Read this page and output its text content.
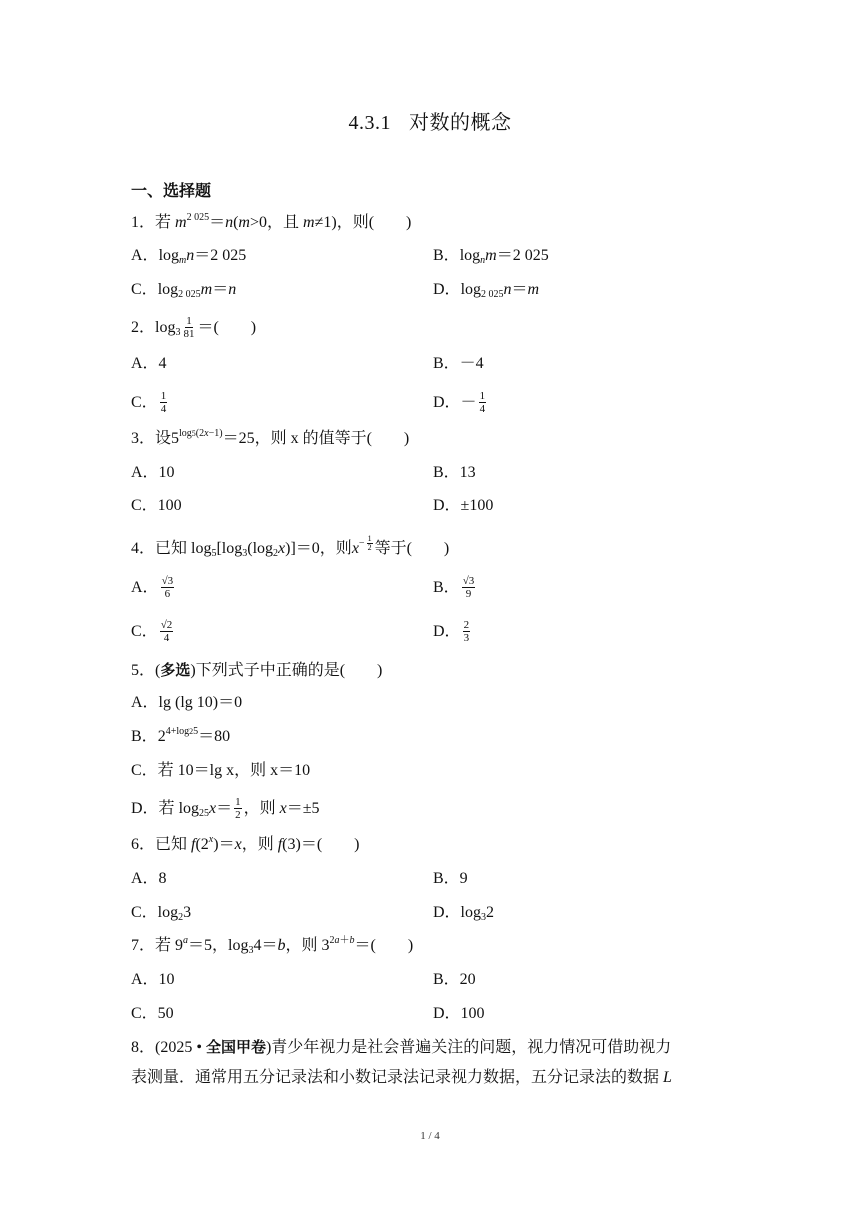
4.3.1 对数的概念
一、选择题
1．若 $m^{2 025}=n(m>0$，且 m≠1)，则(　　)
A．$\log_mn=2$ 025	B．$\log_nm=2$ 025
C．$\log_{2 025}m=n$	D．$\log_{2 025}n=m$
2．$\log_3 \frac{1}{81}$ ＝(　　)
A．4	B．－4
C． $\frac{1}{4}$	D．－ $\frac{1}{4}$
3．设$5^{log5(2x-1)}=25$，则 x 的值等于(　　)
A．10	B．13
C．100	D．±100
4．已知 $\log_5[\log_3(\log_2x)]=0$，则$x^{- \frac{1}{2}}$ 等于(　　)
A． $\frac{√3}{6}$	B． $\frac{√3}{9}$
C． $\frac{√2}{4}$	D． $\frac{2}{3}$
5．(多选)下列式子中正确的是(　　)
A．lg (lg 10)＝0
B．$2^{4+log25}=80$
C．若 10＝lg x，则 x＝10
D．若 $\log_{25}x= \frac{1}{2}$ ，则 x＝±5
6．已知 $f(2^x)=x$，则 f(3)＝(　　)
A．8	B．9
C．$\log_23$	D．$\log_32$
7．若 $9^a=5$，$\log_34=b$，则 $3^{2a+b}=$(　　)
A．10	B．20
C．50	D．100
8．(2025 • 全国甲卷)青少年视力是社会普遍关注的问题，视力情况可借助视力
表测量．通常用五分记录法和小数记录法记录视力数据，五分记录法的数据 L
1 / 4
